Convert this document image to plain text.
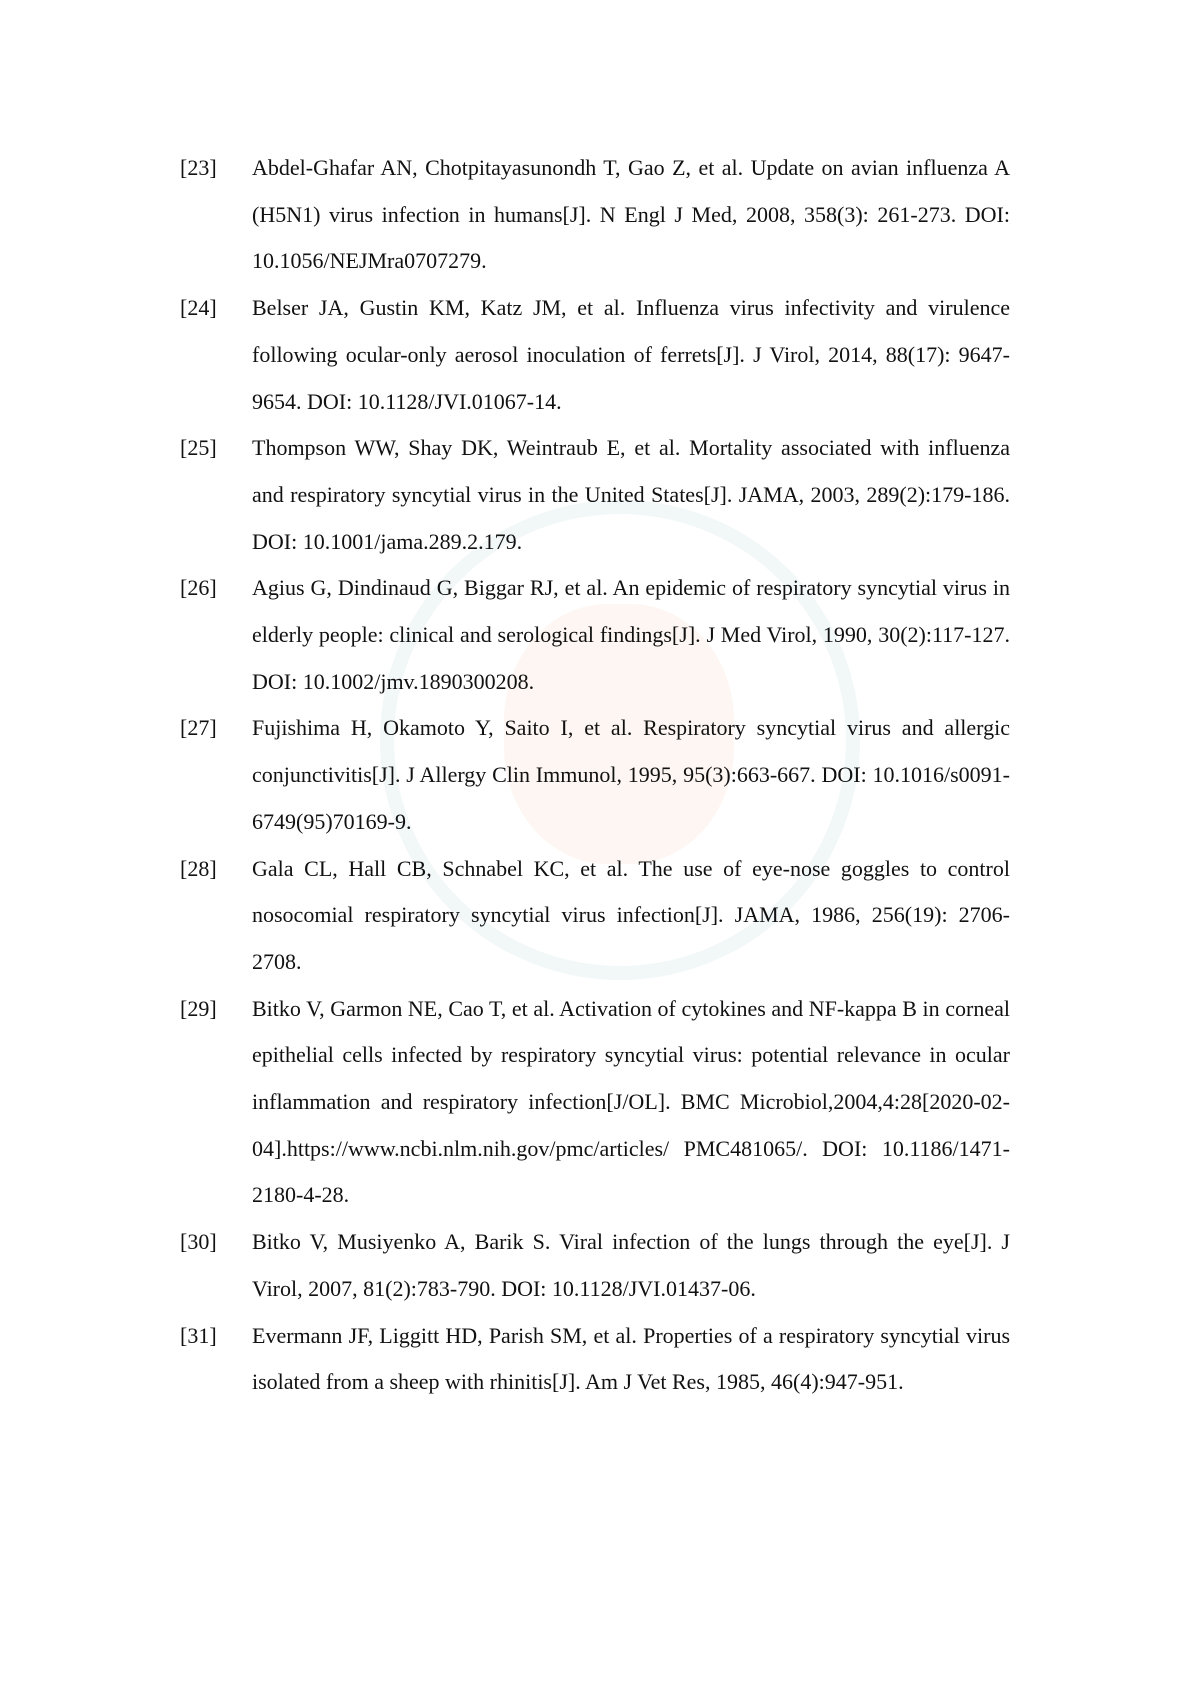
[23]	Abdel-Ghafar AN, Chotpitayasunondh T, Gao Z, et al. Update on avian influenza A (H5N1) virus infection in humans[J]. N Engl J Med, 2008, 358(3): 261-273. DOI: 10.1056/NEJMra0707279.
[24]	Belser JA, Gustin KM, Katz JM, et al. Influenza virus infectivity and virulence following ocular-only aerosol inoculation of ferrets[J]. J Virol, 2014, 88(17): 9647-9654. DOI: 10.1128/JVI.01067-14.
[25]	Thompson WW, Shay DK, Weintraub E, et al. Mortality associated with influenza and respiratory syncytial virus in the United States[J]. JAMA, 2003, 289(2):179-186. DOI: 10.1001/jama.289.2.179.
[26]	Agius G, Dindinaud G, Biggar RJ, et al. An epidemic of respiratory syncytial virus in elderly people: clinical and serological findings[J]. J Med Virol, 1990, 30(2):117-127. DOI: 10.1002/jmv.1890300208.
[27]	Fujishima H, Okamoto Y, Saito I, et al. Respiratory syncytial virus and allergic conjunctivitis[J]. J Allergy Clin Immunol, 1995, 95(3):663-667. DOI: 10.1016/s0091-6749(95)70169-9.
[28]	Gala CL, Hall CB, Schnabel KC, et al. The use of eye-nose goggles to control nosocomial respiratory syncytial virus infection[J]. JAMA, 1986, 256(19): 2706-2708.
[29]	Bitko V, Garmon NE, Cao T, et al. Activation of cytokines and NF-kappa B in corneal epithelial cells infected by respiratory syncytial virus: potential relevance in ocular inflammation and respiratory infection[J/OL]. BMC Microbiol,2004,4:28[2020-02-04].https://www.ncbi.nlm.nih.gov/pmc/articles/ PMC481065/. DOI: 10.1186/1471-2180-4-28.
[30]	Bitko V, Musiyenko A, Barik S. Viral infection of the lungs through the eye[J]. J Virol, 2007, 81(2):783-790. DOI: 10.1128/JVI.01437-06.
[31]	Evermann JF, Liggitt HD, Parish SM, et al. Properties of a respiratory syncytial virus isolated from a sheep with rhinitis[J]. Am J Vet Res, 1985, 46(4):947-951.
